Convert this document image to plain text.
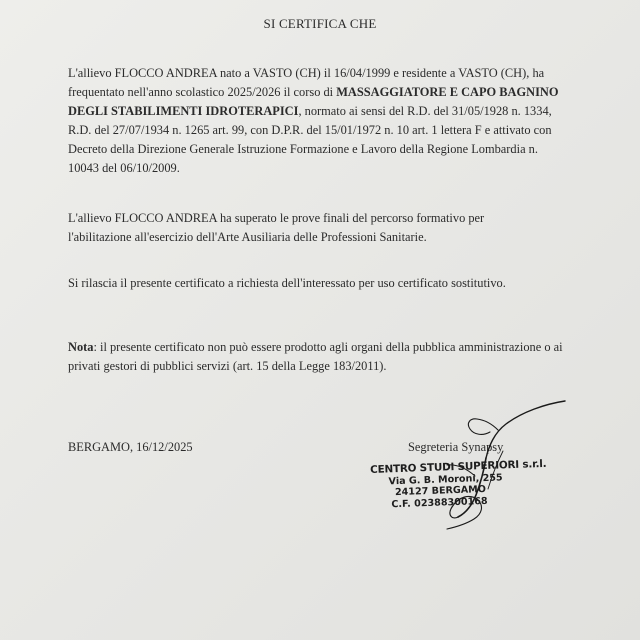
SI CERTIFICA CHE

L'allievo FLOCCO ANDREA nato a VASTO (CH) il 16/04/1999 e residente a VASTO (CH), ha
frequentato nell'anno scolastico 2025/2026 il corso di MASSAGGIATORE E CAPO BAGNINO
DEGLI STABILIMENTI IDROTERAPICI, normato ai sensi del R.D. del 31/05/1928 n. 1334,
R.D. del 27/07/1934 n. 1265 art. 99, con D.P.R. del 15/01/1972 n. 10 art. 1 lettera F e attivato con
Decreto della Direzione Generale Istruzione Formazione e Lavoro della Regione Lombardia n.
10043 del 06/10/2009.

L'allievo FLOCCO ANDREA ha superato le prove finali del percorso formativo per
l'abilitazione all'esercizio dell'Arte Ausiliaria delle Professioni Sanitarie.

Si rilascia il presente certificato a richiesta dell'interessato per uso certificato sostitutivo.

Nota: il presente certificato non può essere prodotto agli organi della pubblica amministrazione o ai
privati gestori di pubblici servizi (art. 15 della Legge 183/2011).

BERGAMO, 16/12/2025	Segreteria Synapsy
CENTRO STUDI SUPERIORI s.r.l.
Via G. B. Moroni, 255
24127 BERGAMO
C.F. 02388300168
